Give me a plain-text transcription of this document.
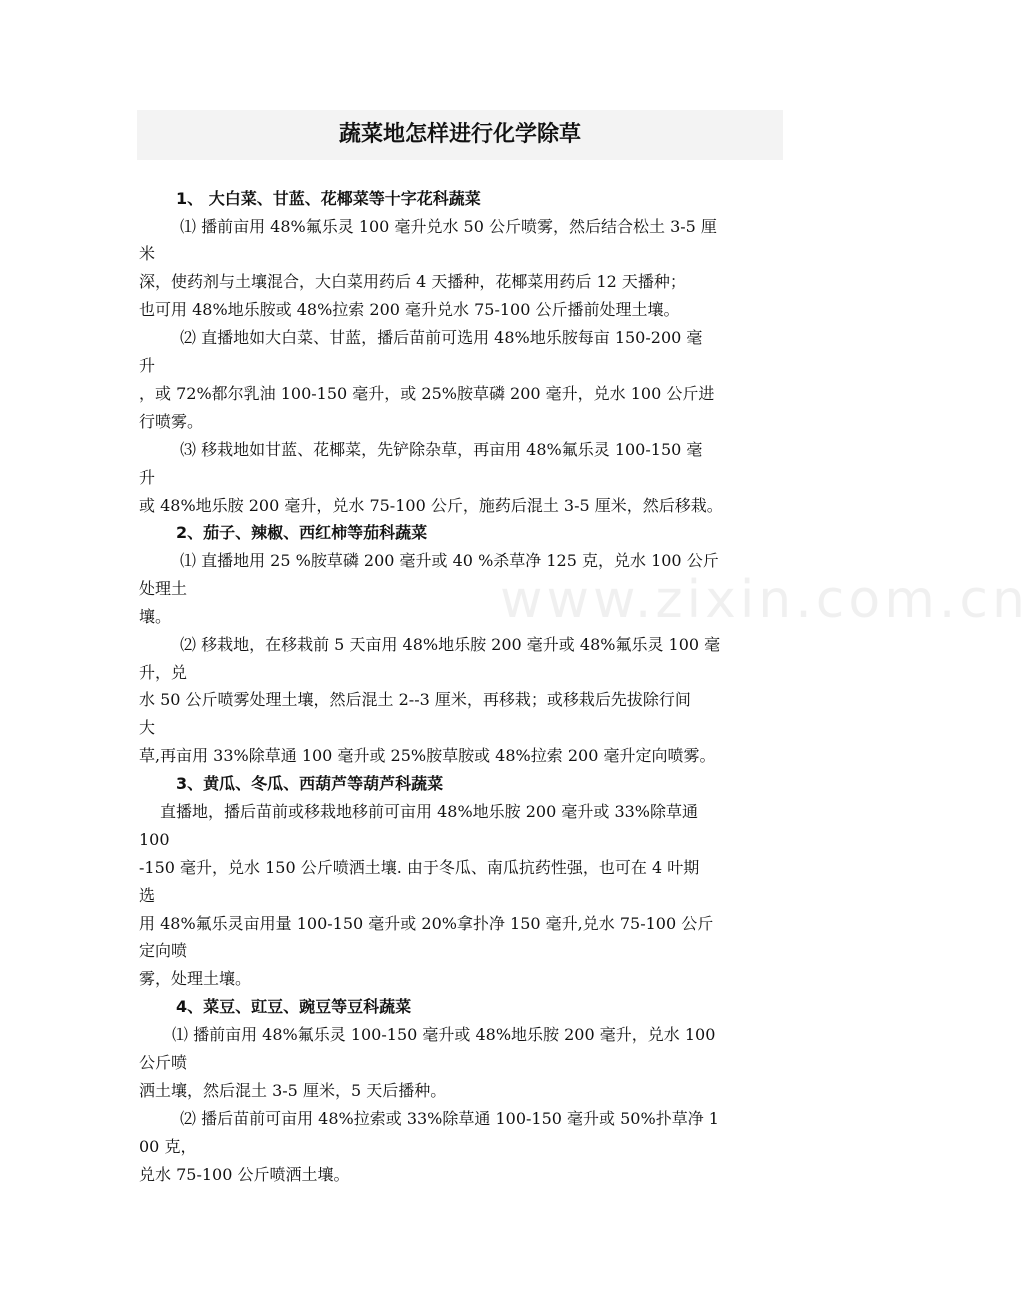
蔬菜地怎样进行化学除草
www.zixin.com.cn
1、 大白菜、甘蓝、花椰菜等十字花科蔬菜
⑴ 播前亩用 48%氟乐灵 100 毫升兑水 50 公斤喷雾，然后结合松土 3-5 厘
米
深，使药剂与土壤混合，大白菜用药后 4 天播种，花椰菜用药后 12 天播种；
也可用 48%地乐胺或 48%拉索 200 毫升兑水 75-100 公斤播前处理土壤。
⑵ 直播地如大白菜、甘蓝，播后苗前可选用 48%地乐胺每亩 150-200 毫
升
，或 72%都尔乳油 100-150 毫升，或 25%胺草磷 200 毫升，兑水 100 公斤进
行喷雾。
⑶ 移栽地如甘蓝、花椰菜，先铲除杂草，再亩用 48%氟乐灵 100-150 毫
升
或 48%地乐胺 200 毫升，兑水 75-100 公斤，施药后混土 3-5 厘米，然后移栽。
2、茄子、辣椒、西红柿等茄科蔬菜
⑴ 直播地用 25 %胺草磷 200 毫升或 40 %杀草净 125 克，兑水 100 公斤
处理土
壤。
⑵ 移栽地，在移栽前 5 天亩用 48%地乐胺 200 毫升或 48%氟乐灵 100 毫
升，兑
水 50 公斤喷雾处理土壤，然后混土 2--3 厘米，再移栽；或移栽后先拔除行间
大
草,再亩用 33%除草通 100 毫升或 25%胺草胺或 48%拉索 200 毫升定向喷雾。
3、黄瓜、冬瓜、西葫芦等葫芦科蔬菜
直播地，播后苗前或移栽地移前可亩用 48%地乐胺 200 毫升或 33%除草通
100
-150 毫升，兑水 150 公斤喷洒土壤. 由于冬瓜、南瓜抗药性强，也可在 4 叶期
选
用 48%氟乐灵亩用量 100-150 毫升或 20%拿扑净 150 毫升,兑水 75-100 公斤
定向喷
雾，处理土壤。
4、菜豆、豇豆、豌豆等豆科蔬菜
⑴ 播前亩用 48%氟乐灵 100-150 毫升或 48%地乐胺 200 毫升，兑水 100
公斤喷
洒土壤，然后混土 3-5 厘米，5 天后播种。
⑵ 播后苗前可亩用 48%拉索或 33%除草通 100-150 毫升或 50%扑草净 1
00 克，
兑水 75-100 公斤喷洒土壤。
